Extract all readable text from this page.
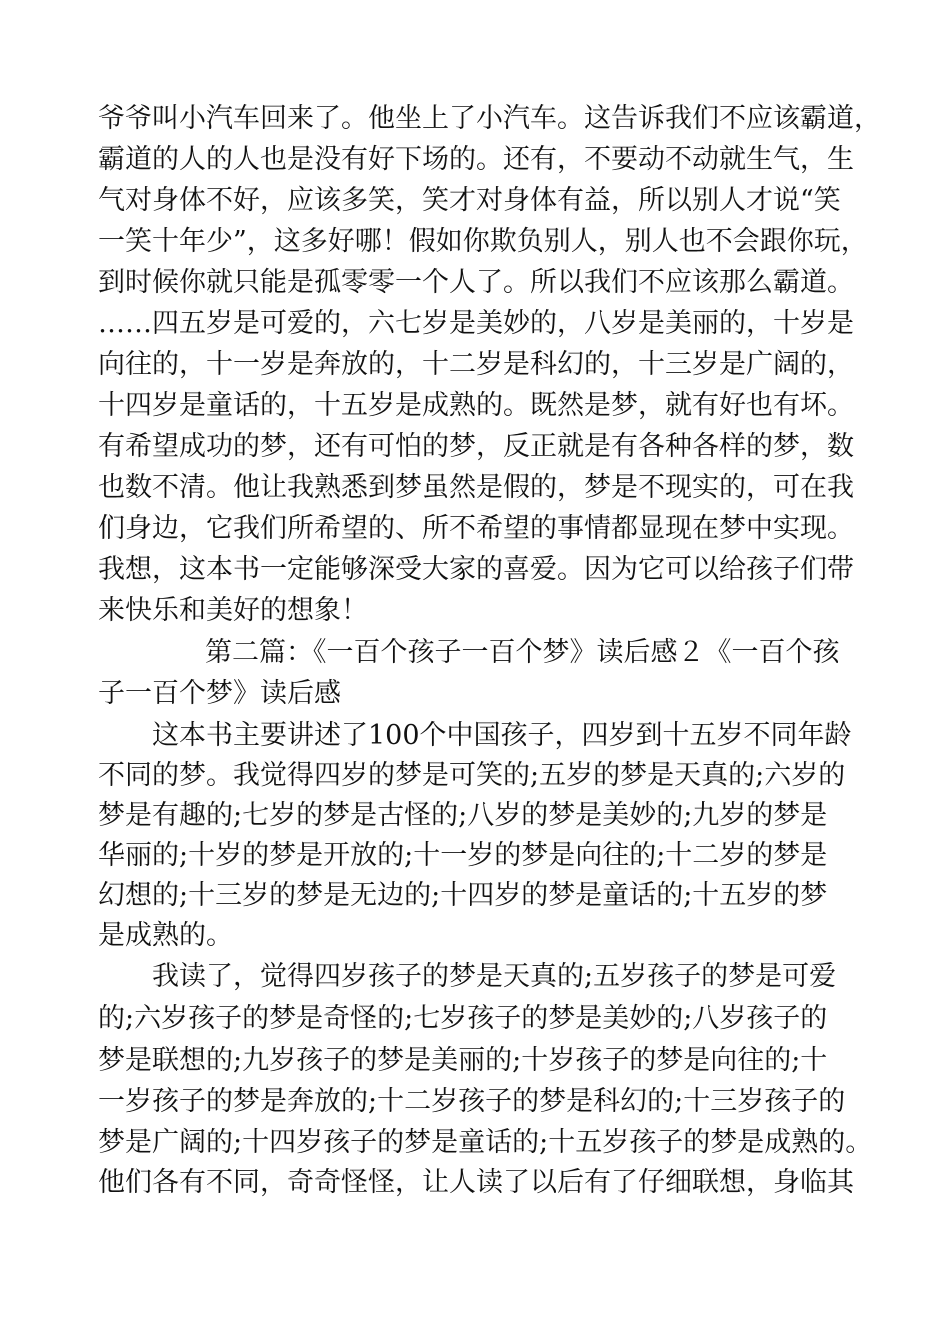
爷爷叫小汽车回来了。他坐上了小汽车。这告诉我们不应该霸道，
霸道的人的人也是没有好下场的。还有，不要动不动就生气，生
气对身体不好，应该多笑，笑才对身体有益，所以别人才说“笑
一笑十年少”，这多好哪！假如你欺负别人，别人也不会跟你玩，
到时候你就只能是孤零零一个人了。所以我们不应该那么霸道。
……四五岁是可爱的，六七岁是美妙的，八岁是美丽的，十岁是
向往的，十一岁是奔放的，十二岁是科幻的，十三岁是广阔的，
十四岁是童话的，十五岁是成熟的。既然是梦，就有好也有坏。
有希望成功的梦，还有可怕的梦，反正就是有各种各样的梦，数
也数不清。他让我熟悉到梦虽然是假的，梦是不现实的，可在我
们身边，它我们所希望的、所不希望的事情都显现在梦中实现。
我想，这本书一定能够深受大家的喜爱。因为它可以给孩子们带
来快乐和美好的想象！
第二篇：《一百个孩子一百个梦》读后感２《一百个孩
子一百个梦》读后感
这本书主要讲述了100个中国孩子，四岁到十五岁不同年龄
不同的梦。我觉得四岁的梦是可笑的;五岁的梦是天真的;六岁的
梦是有趣的;七岁的梦是古怪的;八岁的梦是美妙的;九岁的梦是
华丽的;十岁的梦是开放的;十一岁的梦是向往的;十二岁的梦是
幻想的;十三岁的梦是无边的;十四岁的梦是童话的;十五岁的梦
是成熟的。
我读了，觉得四岁孩子的梦是天真的;五岁孩子的梦是可爱
的;六岁孩子的梦是奇怪的;七岁孩子的梦是美妙的;八岁孩子的
梦是联想的;九岁孩子的梦是美丽的;十岁孩子的梦是向往的;十
一岁孩子的梦是奔放的;十二岁孩子的梦是科幻的;十三岁孩子的
梦是广阔的;十四岁孩子的梦是童话的;十五岁孩子的梦是成熟的。
他们各有不同，奇奇怪怪，让人读了以后有了仔细联想，身临其
